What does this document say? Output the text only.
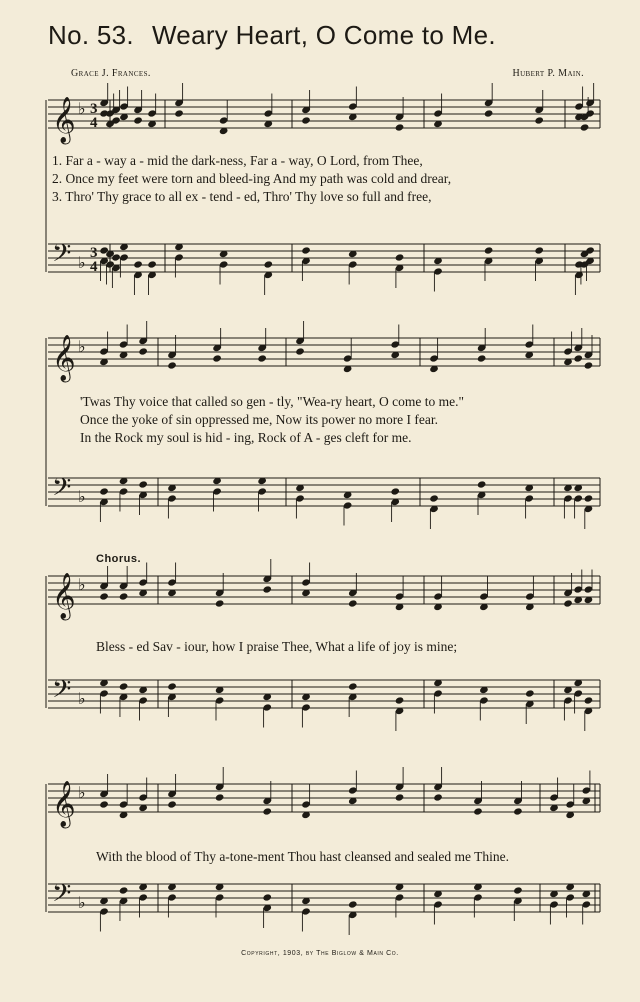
No. 53. Weary Heart, O Come to Me.
Grace J. Frances.	Hubert P. Main.
𝄞 ♭ 3
4
𝄢 ♭ 3
4
1. Far a - way a - mid the dark-ness, Far a - way, O Lord, from Thee,
2. Once my feet were torn and bleed-ing And my path was cold and drear,
3. Thro' Thy grace to all ex - tend - ed, Thro' Thy love so full and free,
𝄞 ♭
𝄢 ♭
'Twas Thy voice that called so gen - tly, "Wea-ry heart, O come to me."
Once the yoke of sin oppressed me, Now its power no more I fear.
In the Rock my soul is hid - ing, Rock of A - ges cleft for me.
Chorus.
𝄞 ♭
𝄢 ♭
Bless - ed Sav - iour, how I praise Thee, What a life of joy is mine;
𝄞 ♭
𝄢 ♭
With the blood of Thy a-tone-ment Thou hast cleansed and sealed me Thine.
Copyright, 1903, by The Biglow & Main Co.
